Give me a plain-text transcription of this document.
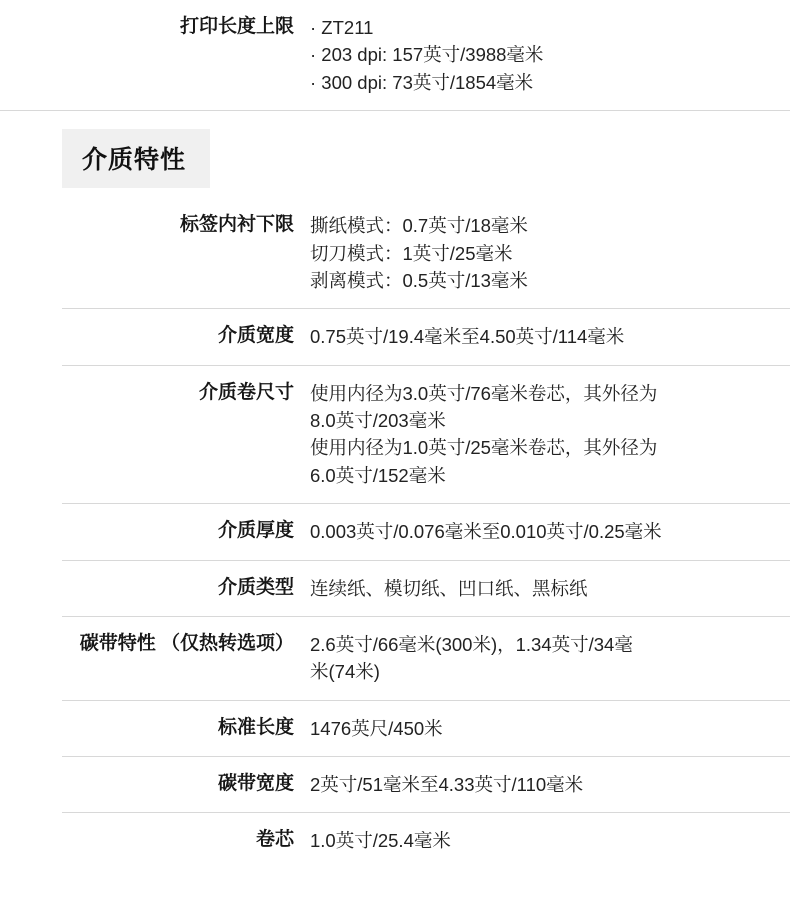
	打印长度上限	· ZT211
· 203 dpi: 157英寸/3988毫米
· 300 dpi: 73英寸/1854毫米
介质特性
	标签内衬下限	撕纸模式：0.7英寸/18毫米
切刀模式：1英寸/25毫米
剥离模式：0.5英寸/13毫米

	介质宽度	0.75英寸/19.4毫米至4.50英寸/114毫米

	介质卷尺寸	使用内径为3.0英寸/76毫米卷芯，其外径为
8.0英寸/203毫米
使用内径为1.0英寸/25毫米卷芯，其外径为
6.0英寸/152毫米

	介质厚度	0.003英寸/0.076毫米至0.010英寸/0.25毫米

	介质类型	连续纸、模切纸、凹口纸、黑标纸

	碳带特性 （仅热转选项）	2.6英寸/66毫米(300米)，1.34英寸/34毫
米(74米)

	标准长度	1476英尺/450米

	碳带宽度	2英寸/51毫米至4.33英寸/110毫米

	卷芯	1.0英寸/25.4毫米
